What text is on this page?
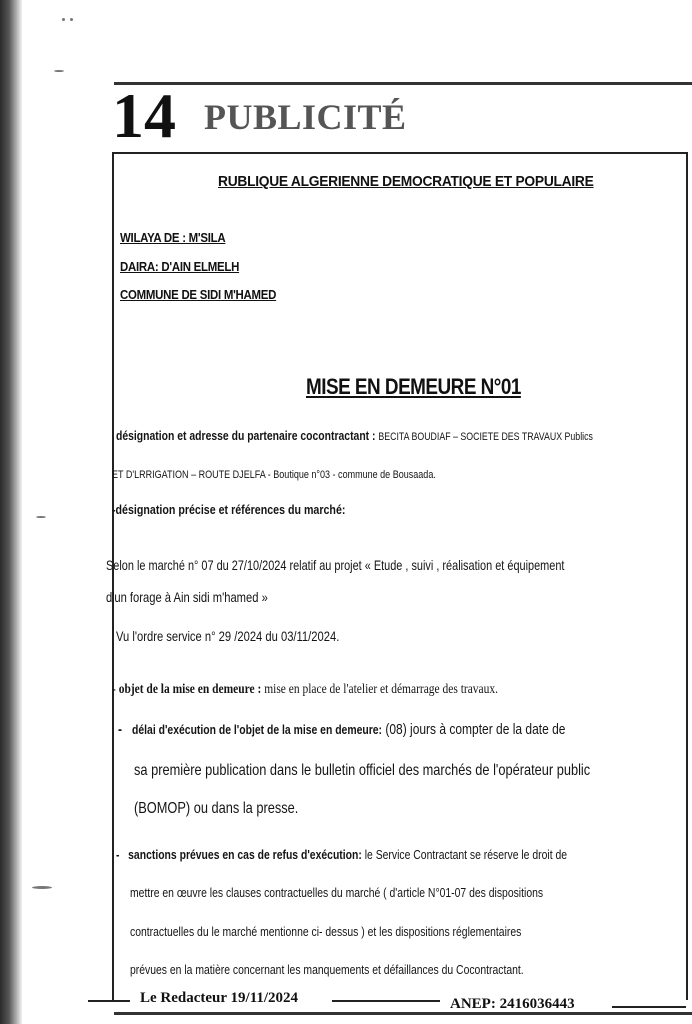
14 PUBLICITÉ
RUBLIQUE ALGERIENNE DEMOCRATIQUE ET POPULAIRE
WILAYA DE : M'SILA
DAIRA: D'AIN ELMELH
COMMUNE DE SIDI M'HAMED
MISE EN DEMEURE N°01
désignation et adresse du partenaire cocontractant : BECITA BOUDIAF – SOCIETE DES TRAVAUX Publics
ET D'LRRIGATION – ROUTE DJELFA - Boutique n°03 - commune de Bousaada.
-désignation précise et références du marché:
Selon le marché n° 07 du 27/10/2024 relatif au projet « Etude , suivi , réalisation et équipement
d'un forage à Ain sidi m'hamed »
Vu l'ordre service n° 29 /2024 du 03/11/2024.
- objet de la mise en demeure : mise en place de l'atelier et démarrage des travaux.
- délai d'exécution de l'objet de la mise en demeure: (08) jours à compter de la date de
sa première publication dans le bulletin officiel des marchés de l'opérateur public
(BOMOP) ou dans la presse.
- sanctions prévues en cas de refus d'exécution: le Service Contractant se réserve le droit de
mettre en œuvre les clauses contractuelles du marché ( d'article N°01-07 des dispositions
contractuelles du le marché mentionne ci- dessus ) et les dispositions réglementaires
prévues en la matière concernant les manquements et défaillances du Cocontractant.
Le Redacteur 19/11/2024	ANEP: 2416036443
